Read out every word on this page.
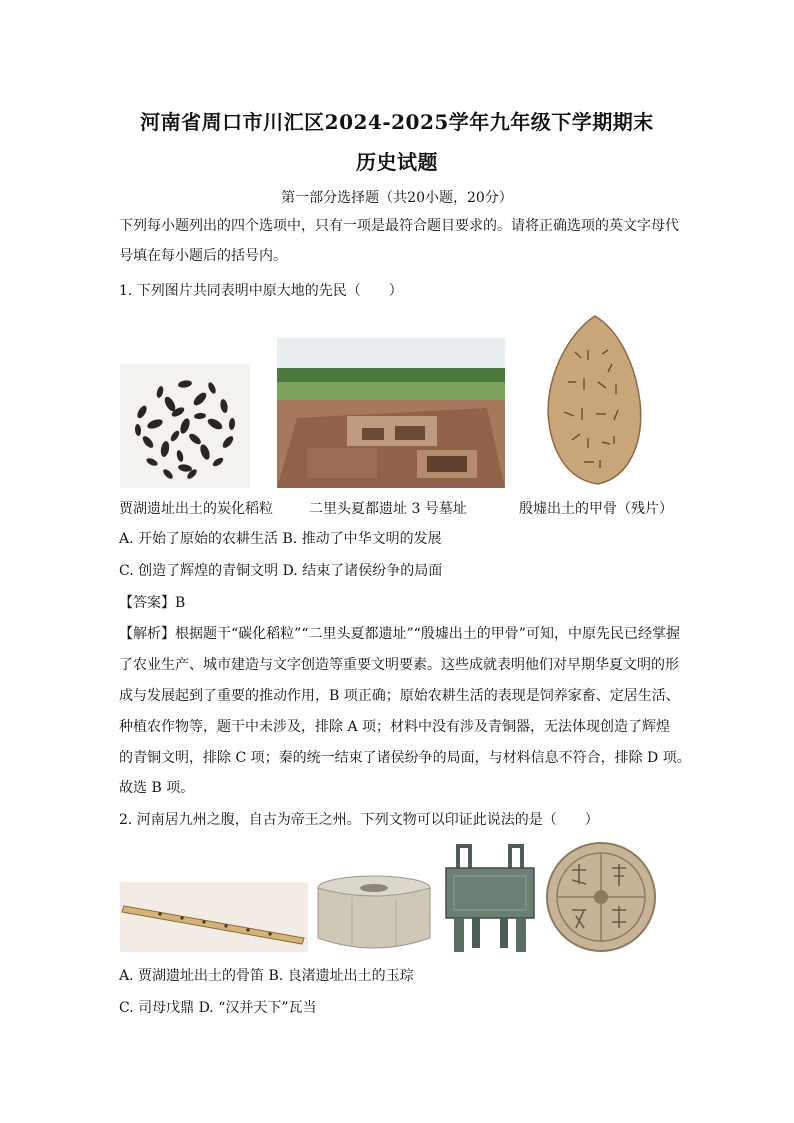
河南省周口市川汇区2024-2025学年九年级下学期期末
历史试题
第一部分选择题（共20小题，20分）
下列每小题列出的四个选项中，只有一项是最符合题目要求的。请将正确选项的英文字母代
号填在每小题后的括号内。
1. 下列图片共同表明中原大地的先民（　　）
贾湖遗址出土的炭化稻粒	二里头夏都遗址 3 号墓址	殷墟出土的甲骨（残片）
A. 开始了原始的农耕生活 B. 推动了中华文明的发展
C. 创造了辉煌的青铜文明 D. 结束了诸侯纷争的局面
【答案】B
【解析】根据题干“碳化稻粒”“二里头夏都遗址”“殷墟出土的甲骨”可知，中原先民已经掌握
了农业生产、城市建造与文字创造等重要文明要素。这些成就表明他们对早期华夏文明的形
成与发展起到了重要的推动作用，B 项正确；原始农耕生活的表现是饲养家畜、定居生活、
种植农作物等，题干中未涉及，排除 A 项；材料中没有涉及青铜器，无法体现创造了辉煌
的青铜文明，排除 C 项；秦的统一结束了诸侯纷争的局面，与材料信息不符合，排除 D 项。
故选 B 项。
2. 河南居九州之腹，自古为帝王之州。下列文物可以印证此说法的是（　　）
A. 贾湖遗址出土的骨笛 B. 良渚遗址出土的玉琮
C. 司母戊鼎 D. “汉并天下”瓦当
